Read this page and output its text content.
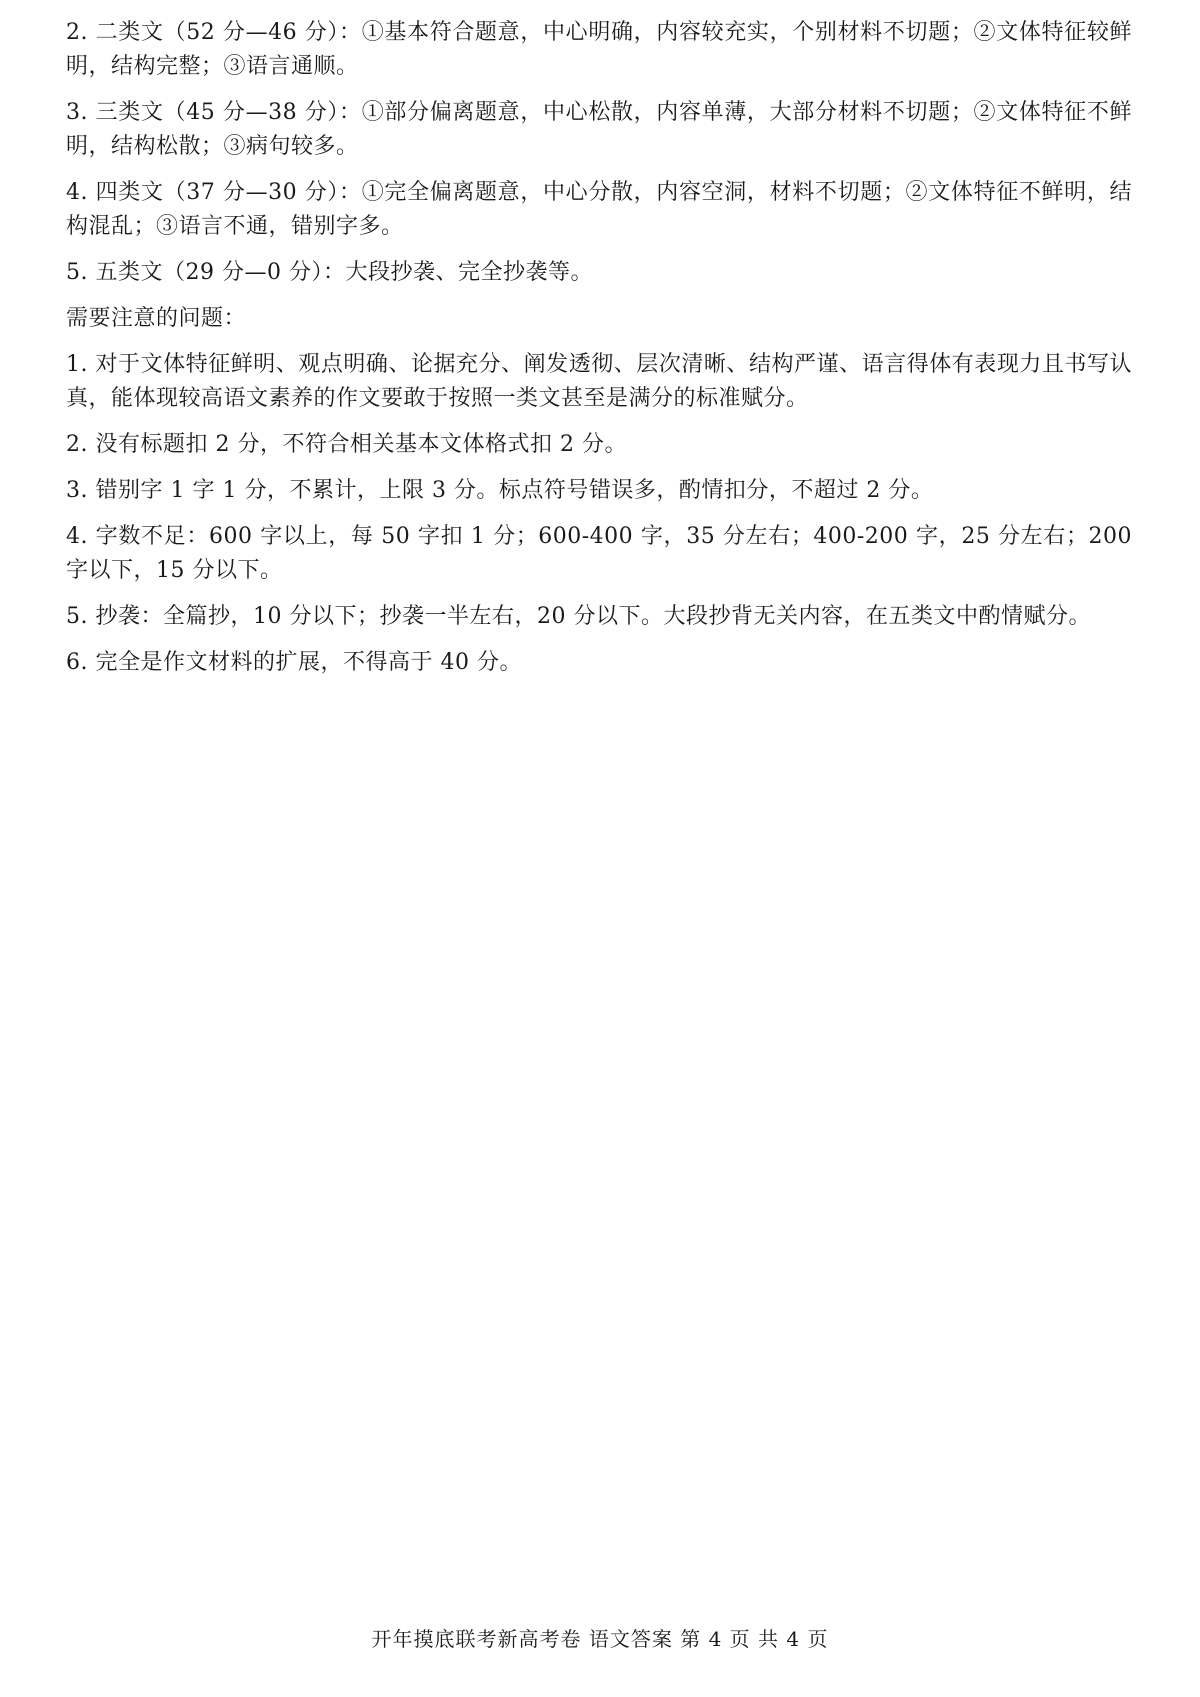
2. 二类文（52 分—46 分）：①基本符合题意，中心明确，内容较充实，个别材料不切题；②文体特征较鲜明，结构完整；③语言通顺。

3. 三类文（45 分—38 分）：①部分偏离题意，中心松散，内容单薄，大部分材料不切题；②文体特征不鲜明，结构松散；③病句较多。

4. 四类文（37 分—30 分）：①完全偏离题意，中心分散，内容空洞，材料不切题；②文体特征不鲜明，结构混乱；③语言不通，错别字多。

5. 五类文（29 分—0 分）：大段抄袭、完全抄袭等。

需要注意的问题：

1. 对于文体特征鲜明、观点明确、论据充分、阐发透彻、层次清晰、结构严谨、语言得体有表现力且书写认真，能体现较高语文素养的作文要敢于按照一类文甚至是满分的标准赋分。

2. 没有标题扣 2 分，不符合相关基本文体格式扣 2 分。

3. 错别字 1 字 1 分，不累计，上限 3 分。标点符号错误多，酌情扣分，不超过 2 分。

4. 字数不足：600 字以上，每 50 字扣 1 分；600-400 字，35 分左右；400-200 字，25 分左右；200 字以下，15 分以下。

5. 抄袭：全篇抄，10 分以下；抄袭一半左右，20 分以下。大段抄背无关内容，在五类文中酌情赋分。

6. 完全是作文材料的扩展，不得高于 40 分。

开年摸底联考新高考卷 语文答案 第 4 页 共 4 页
